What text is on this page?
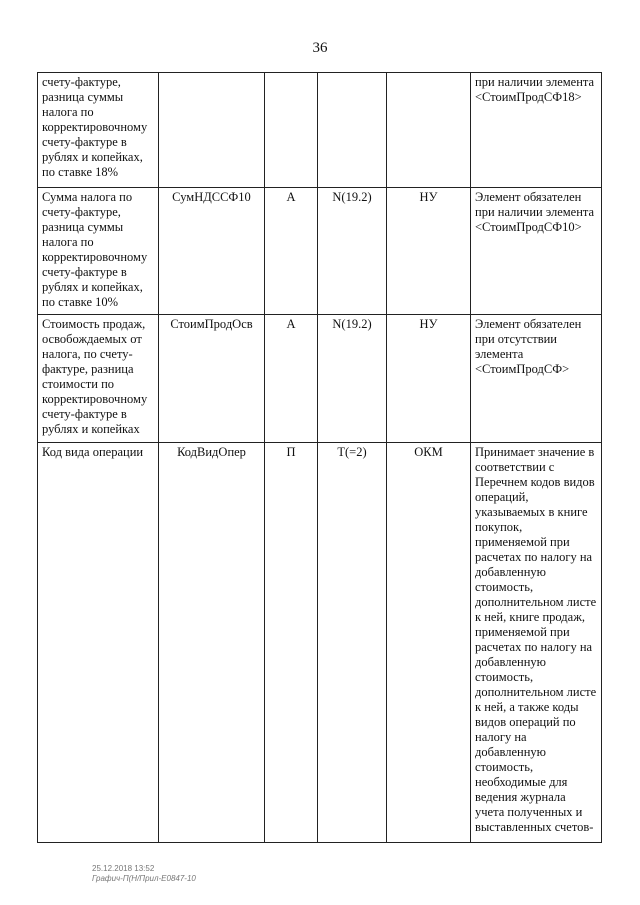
36
счету-фактуре, разница суммы налога по корректировочному счету-фактуре в рублях и копейках, по ставке 18%					при наличии элемента <СтоимПродСФ18>
Сумма налога по счету-фактуре, разница суммы налога по корректировочному счету-фактуре в рублях и копейках, по ставке 10%	СумНДССФ10	А	N(19.2)	НУ	Элемент обязателен при наличии элемента <СтоимПродСФ10>
Стоимость продаж, освобождаемых от налога, по счету-фактуре, разница стоимости по корректировочному счету-фактуре в рублях и копейках	СтоимПродОсв	А	N(19.2)	НУ	Элемент обязателен при отсутствии элемента <СтоимПродСФ>
Код вида операции	КодВидОпер	П	T(=2)	ОКМ	Принимает значение в соответствии с Перечнем кодов видов операций, указываемых в книге покупок, применяемой при расчетах по налогу на добавленную стоимость, дополнительном листе к ней, книге продаж, применяемой при расчетах по налогу на добавленную стоимость, дополнительном листе к ней, а также коды видов операций по налогу на добавленную стоимость, необходимые для ведения журнала учета полученных и выставленных счетов-
25.12.2018 13:52
Графич-П(Н/Прил-Е0847-10
